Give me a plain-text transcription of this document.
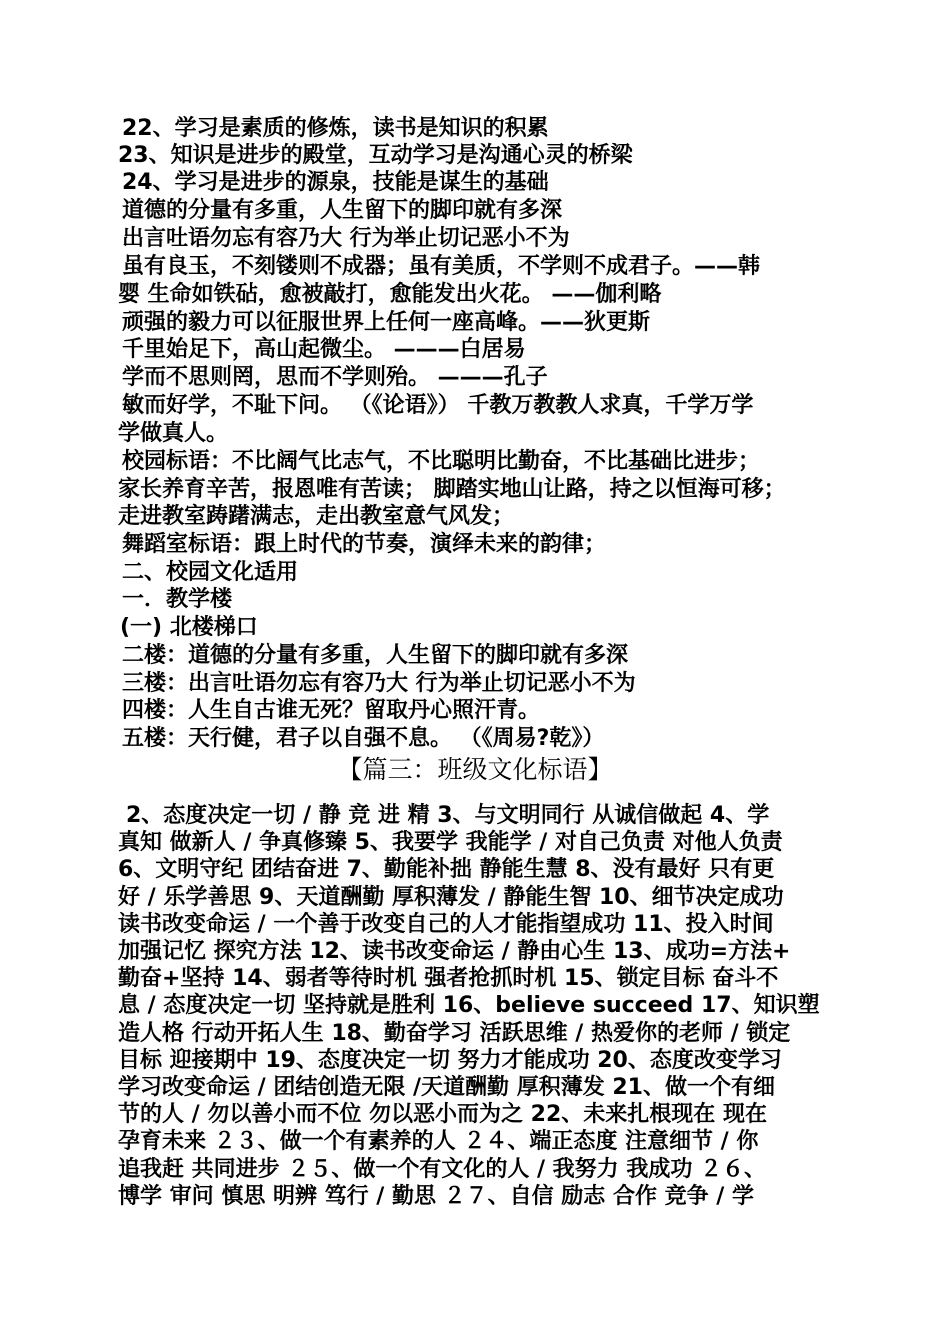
22、学习是素质的修炼，读书是知识的积累
23、知识是进步的殿堂，互动学习是沟通心灵的桥梁
24、学习是进步的源泉，技能是谋生的基础
道德的分量有多重，人生留下的脚印就有多深
出言吐语勿忘有容乃大 行为举止切记恶小不为
虽有良玉，不刻镂则不成器；虽有美质，不学则不成君子。——韩
婴 生命如铁砧，愈被敲打，愈能发出火花。 ——伽利略
顽强的毅力可以征服世界上任何一座高峰。——狄更斯
千里始足下，高山起微尘。 ———白居易
学而不思则罔，思而不学则殆。 ———孔子
敏而好学，不耻下问。 （《论语》） 千教万教教人求真，千学万学
学做真人。
校园标语：不比阔气比志气，不比聪明比勤奋，不比基础比进步；
家长养育辛苦，报恩唯有苦读； 脚踏实地山让路，持之以恒海可移；
走进教室踌躇满志，走出教室意气风发；
舞蹈室标语：跟上时代的节奏，演绎未来的韵律；
二、校园文化适用
一．教学楼
(一) 北楼梯口
二楼：道德的分量有多重，人生留下的脚印就有多深
三楼：出言吐语勿忘有容乃大 行为举止切记恶小不为
四楼：人生自古谁无死？留取丹心照汗青。
五楼：天行健，君子以自强不息。 （《周易?乾》）
【篇三：班级文化标语】
2、态度决定一切 / 静 竞 进 精 3、与文明同行 从诚信做起 4、学
真知 做新人 / 争真修臻 5、我要学 我能学 / 对自己负责 对他人负责
6、文明守纪 团结奋进 7、勤能补拙 静能生慧 8、没有最好 只有更
好 / 乐学善思 9、天道酬勤 厚积薄发 / 静能生智 10、细节决定成功
读书改变命运 / 一个善于改变自己的人才能指望成功 11、投入时间
加强记忆 探究方法 12、读书改变命运 / 静由心生 13、成功=方法+
勤奋+坚持 14、弱者等待时机 强者抢抓时机 15、锁定目标 奋斗不
息 / 态度决定一切 坚持就是胜利 16、believe succeed 17、知识塑
造人格 行动开拓人生 18、勤奋学习 活跃思维 / 热爱你的老师 / 锁定
目标 迎接期中 19、态度决定一切 努力才能成功 20、态度改变学习
学习改变命运 / 团结创造无限 /天道酬勤 厚积薄发 21、做一个有细
节的人 / 勿以善小而不位 勿以恶小而为之 22、未来扎根现在 现在
孕育未来 ２３、做一个有素养的人 ２４、端正态度 注意细节 / 你
追我赶 共同进步 ２５、做一个有文化的人 / 我努力 我成功 ２６、
博学 审问 慎思 明辨 笃行 / 勤思 ２７、自信 励志 合作 竞争 / 学
